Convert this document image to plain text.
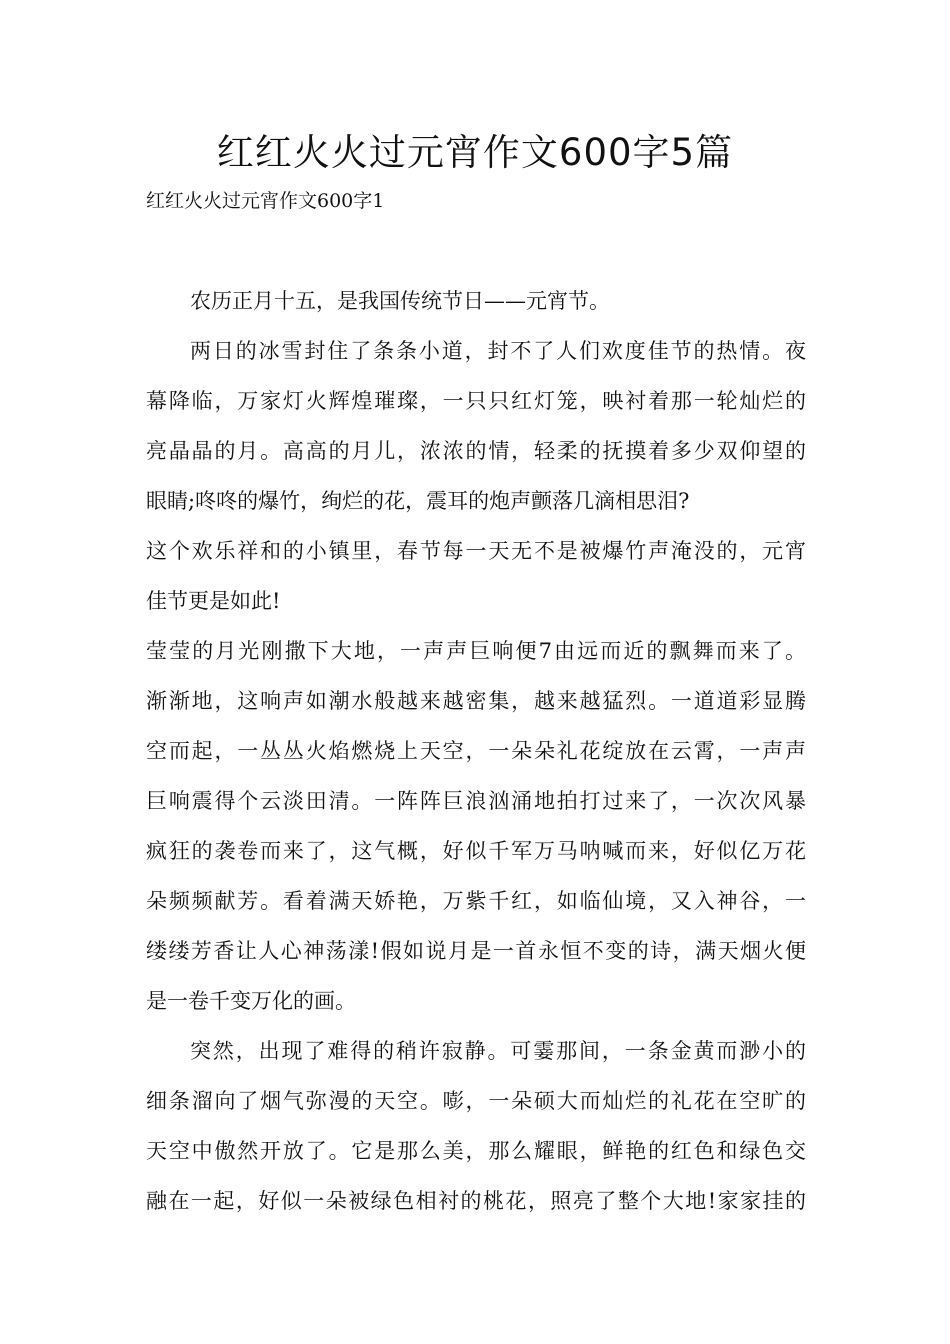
红红火火过元宵作文600字5篇
红红火火过元宵作文600字1
农历正月十五，是我国传统节日——元宵节。
两日的冰雪封住了条条小道，封不了人们欢度佳节的热情。夜
幕降临，万家灯火辉煌璀璨，一只只红灯笼，映衬着那一轮灿烂的
亮晶晶的月。高高的月儿，浓浓的情，轻柔的抚摸着多少双仰望的
眼睛;咚咚的爆竹，绚烂的花，震耳的炮声颤落几滴相思泪?
这个欢乐祥和的小镇里，春节每一天无不是被爆竹声淹没的，元宵
佳节更是如此!
莹莹的月光刚撒下大地，一声声巨响便7由远而近的飘舞而来了。
渐渐地，这响声如潮水般越来越密集，越来越猛烈。一道道彩显腾
空而起，一丛丛火焰燃烧上天空，一朵朵礼花绽放在云霄，一声声
巨响震得个云淡田清。一阵阵巨浪汹涌地拍打过来了，一次次风暴
疯狂的袭卷而来了，这气概，好似千军万马呐喊而来，好似亿万花
朵频频献芳。看着满天娇艳，万紫千红，如临仙境，又入神谷，一
缕缕芳香让人心神荡漾!假如说月是一首永恒不变的诗，满天烟火便
是一卷千变万化的画。
突然，出现了难得的稍许寂静。可霎那间，一条金黄而渺小的
细条溜向了烟气弥漫的天空。嘭，一朵硕大而灿烂的礼花在空旷的
天空中傲然开放了。它是那么美，那么耀眼，鲜艳的红色和绿色交
融在一起，好似一朵被绿色相衬的桃花，照亮了整个大地!家家挂的
